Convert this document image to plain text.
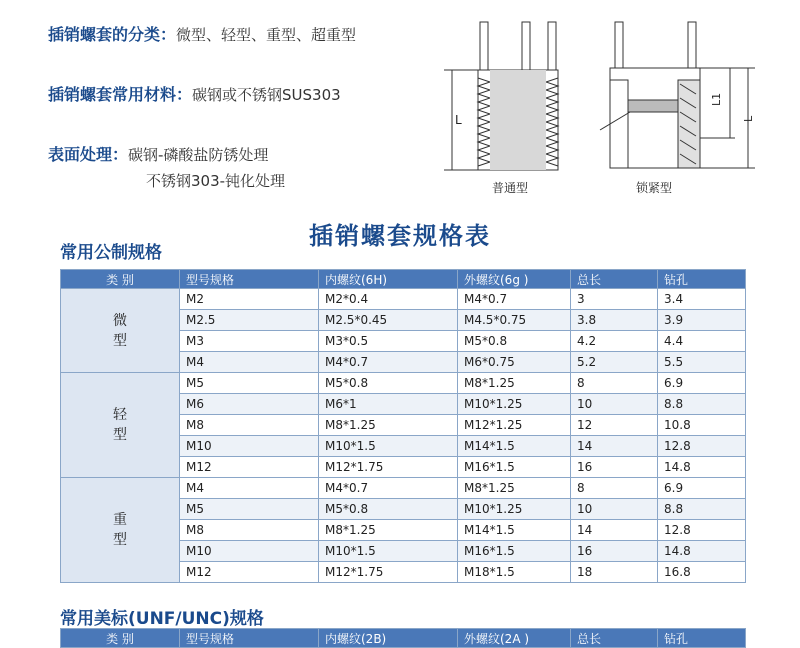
插销螺套的分类：微型、轻型、重型、超重型
插销螺套常用材料：碳钢或不锈钢SUS303
表面处理：碳钢-磷酸盐防锈处理
不锈钢303-钝化处理
L
L1
L
普通型	锁紧型
插销螺套规格表
常用公制规格
类 别	型号规格	内螺纹(6H)	外螺纹(6g )	总长	钻孔
微
型	M2	M2*0.4	M4*0.7	3	3.4
	M2.5	M2.5*0.45	M4.5*0.75	3.8	3.9
	M3	M3*0.5	M5*0.8	4.2	4.4
	M4	M4*0.7	M6*0.75	5.2	5.5
轻
型	M5	M5*0.8	M8*1.25	8	6.9
	M6	M6*1	M10*1.25	10	8.8
	M8	M8*1.25	M12*1.25	12	10.8
	M10	M10*1.5	M14*1.5	14	12.8
	M12	M12*1.75	M16*1.5	16	14.8
重
型	M4	M4*0.7	M8*1.25	8	6.9
	M5	M5*0.8	M10*1.25	10	8.8
	M8	M8*1.25	M14*1.5	14	12.8
	M10	M10*1.5	M16*1.5	16	14.8
	M12	M12*1.75	M18*1.5	18	16.8
常用美标(UNF/UNC)规格
类 别	型号规格	内螺纹(2B)	外螺纹(2A )	总长	钻孔
